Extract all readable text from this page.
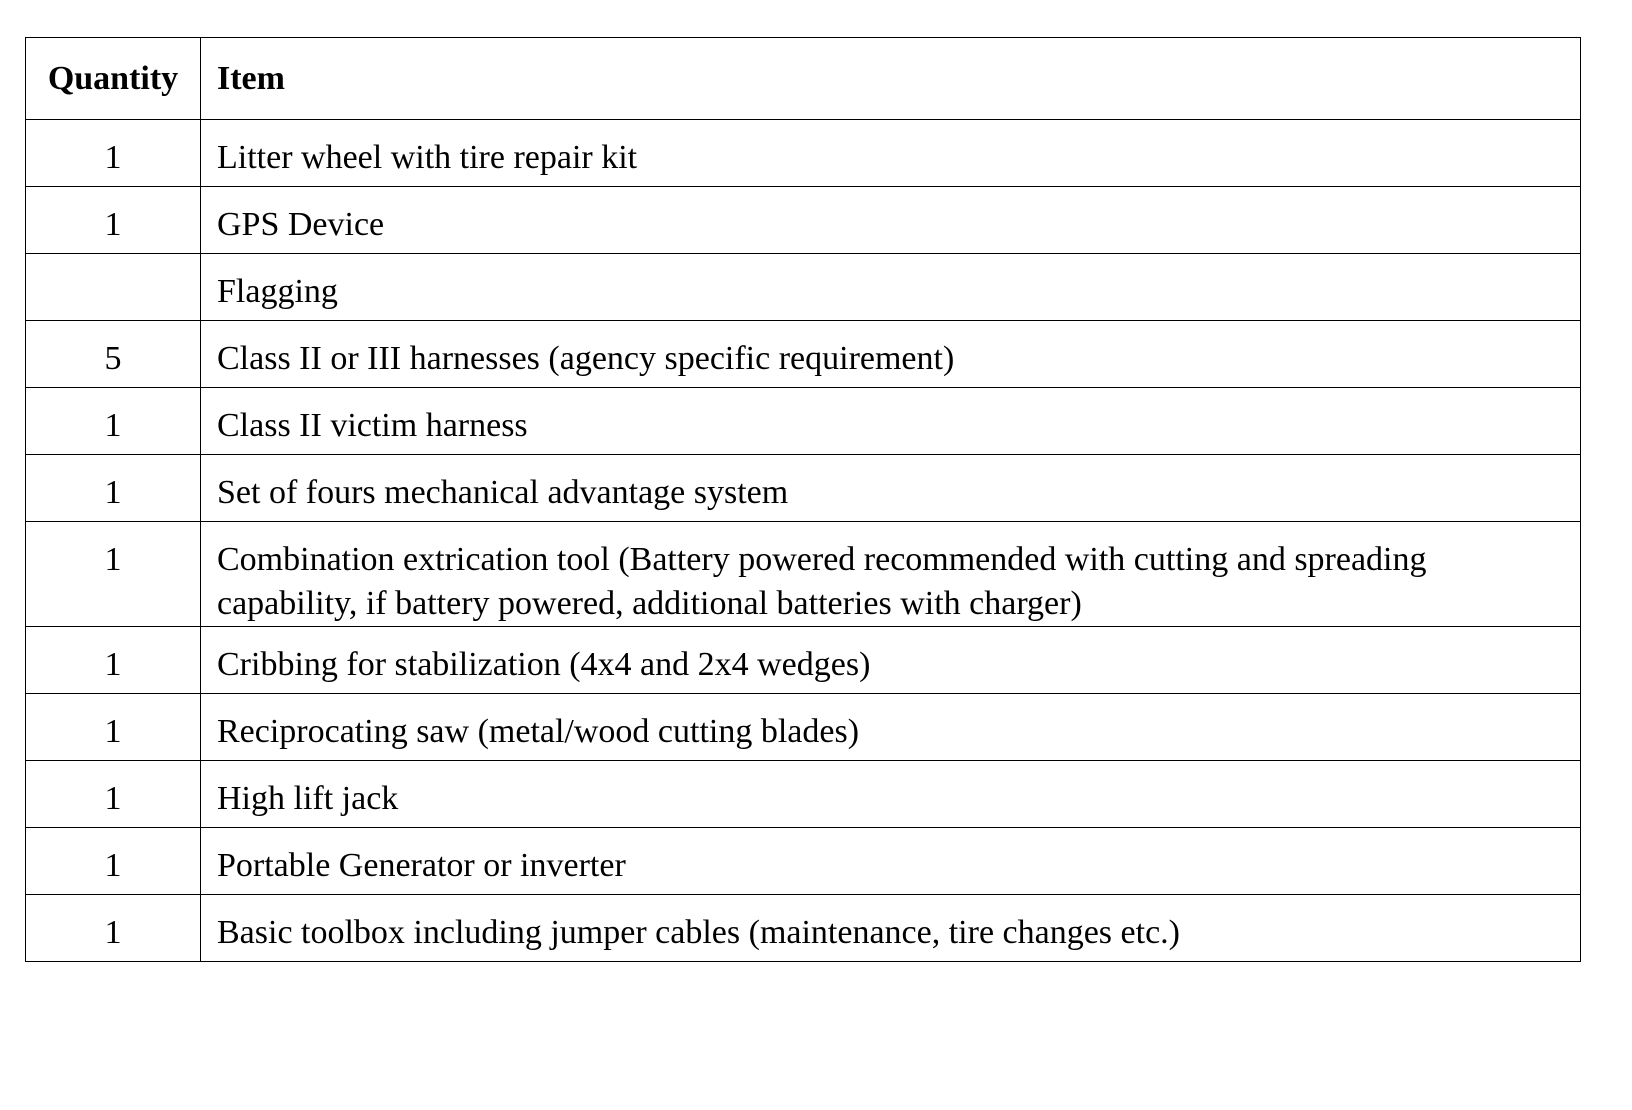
Quantity	Item
1	Litter wheel with tire repair kit
1	GPS Device
	Flagging
5	Class II or III harnesses (agency specific requirement)
1	Class II victim harness
1	Set of fours mechanical advantage system
1	Combination extrication tool (Battery powered recommended with cutting and spreading capability, if battery powered, additional batteries with charger)
1	Cribbing for stabilization (4x4 and 2x4 wedges)
1	Reciprocating saw (metal/wood cutting blades)
1	High lift jack
1	Portable Generator or inverter
1	Basic toolbox including jumper cables (maintenance, tire changes etc.)
